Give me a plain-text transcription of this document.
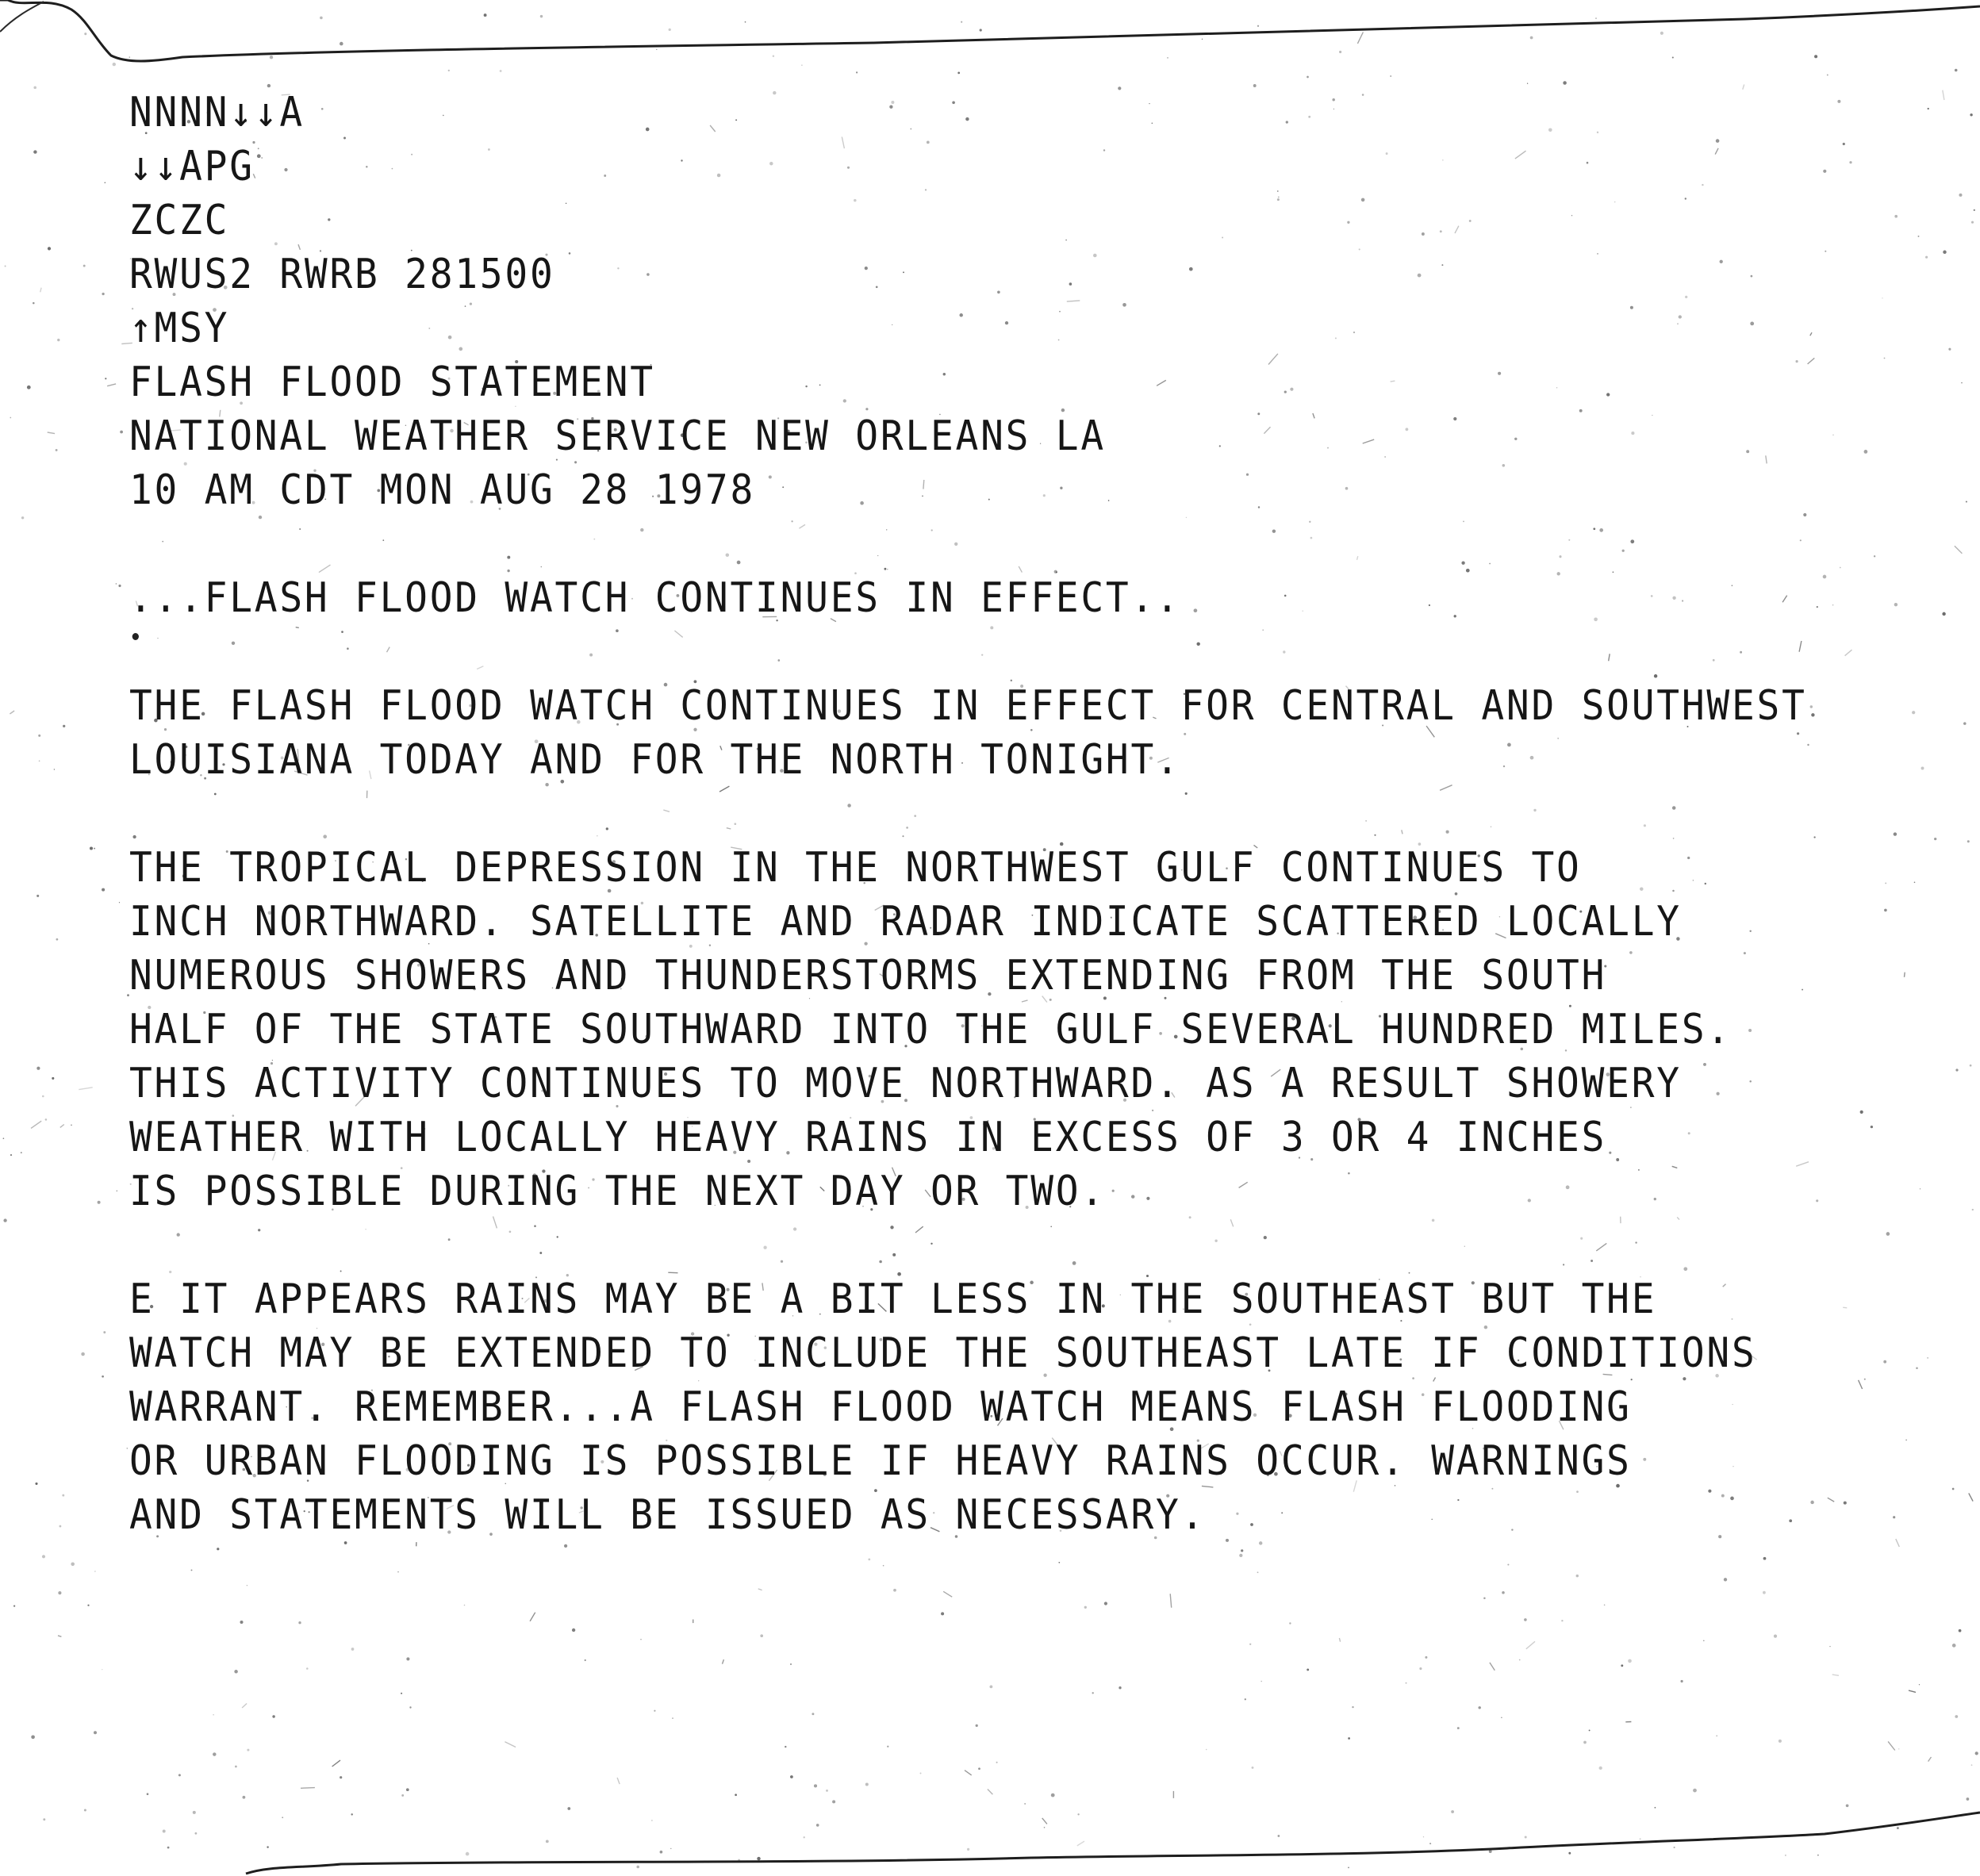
NNNN↓↓A
↓↓APG
ZCZC
RWUS2 RWRB 281500
↑MSY
FLASH FLOOD STATEMENT
NATIONAL WEATHER SERVICE NEW ORLEANS LA
10 AM CDT MON AUG 28 1978
...FLASH FLOOD WATCH CONTINUES IN EFFECT..
THE FLASH FLOOD WATCH CONTINUES IN EFFECT FOR CENTRAL AND SOUTHWEST
LOUISIANA TODAY AND FOR THE NORTH TONIGHT.
THE TROPICAL DEPRESSION IN THE NORTHWEST GULF CONTINUES TO
INCH NORTHWARD. SATELLITE AND RADAR INDICATE SCATTERED LOCALLY
NUMEROUS SHOWERS AND THUNDERSTORMS EXTENDING FROM THE SOUTH
HALF OF THE STATE SOUTHWARD INTO THE GULF SEVERAL HUNDRED MILES.
THIS ACTIVITY CONTINUES TO MOVE NORTHWARD. AS A RESULT SHOWERY
WEATHER WITH LOCALLY HEAVY RAINS IN EXCESS OF 3 OR 4 INCHES
IS POSSIBLE DURING THE NEXT DAY OR TWO.
E IT APPEARS RAINS MAY BE A BIT LESS IN THE SOUTHEAST BUT THE
WATCH MAY BE EXTENDED TO INCLUDE THE SOUTHEAST LATE IF CONDITIONS
WARRANT. REMEMBER...A FLASH FLOOD WATCH MEANS FLASH FLOODING
OR URBAN FLOODING IS POSSIBLE IF HEAVY RAINS OCCUR. WARNINGS
AND STATEMENTS WILL BE ISSUED AS NECESSARY.
